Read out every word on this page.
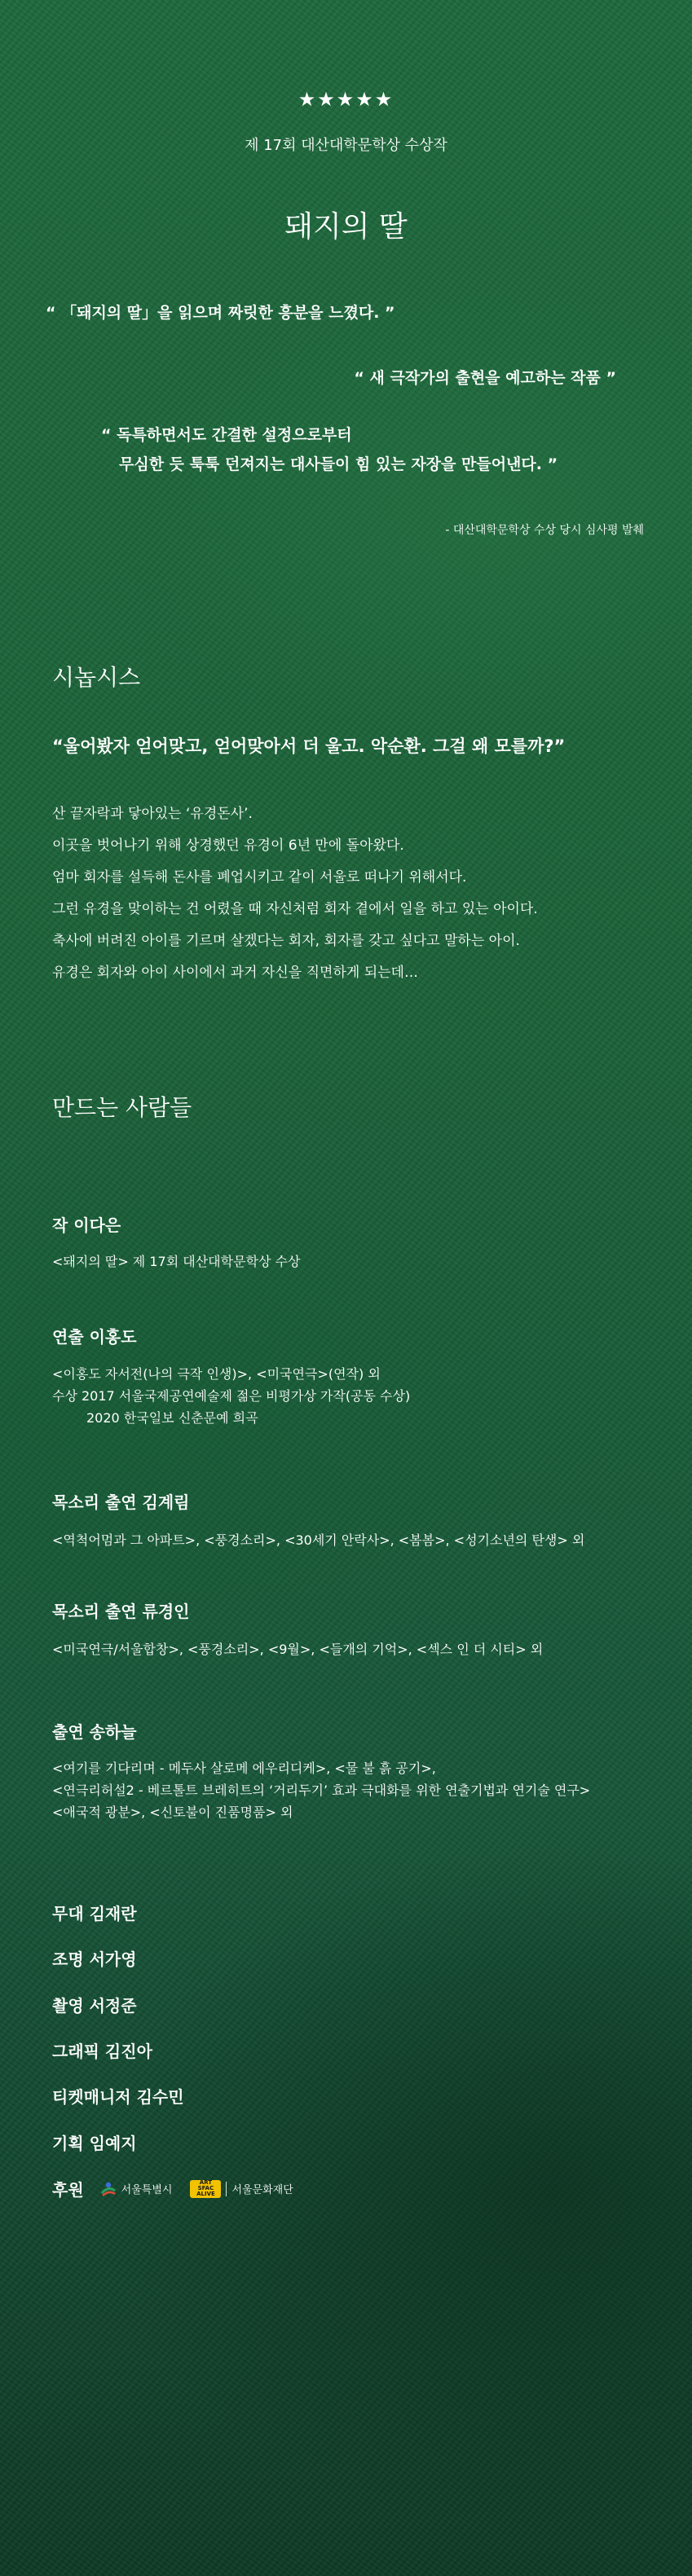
★★★★★
제 17회 대산대학문학상 수상작
돼지의 딸
“ 「돼지의 딸」을 읽으며 짜릿한 흥분을 느꼈다. ”
“ 새 극작가의 출현을 예고하는 작품 ”
“ 독특하면서도 간결한 설정으로부터
무심한 듯 툭툭 던져지는 대사들이 힘 있는 자장을 만들어낸다. ”
- 대산대학문학상 수상 당시 심사평 발췌
시놉시스
“울어봤자 얻어맞고, 얻어맞아서 더 울고. 악순환. 그걸 왜 모를까?”
산 끝자락과 닿아있는 ‘유경돈사’.
이곳을 벗어나기 위해 상경했던 유경이 6년 만에 돌아왔다.
엄마 회자를 설득해 돈사를 폐업시키고 같이 서울로 떠나기 위해서다.
그런 유경을 맞이하는 건 어렸을 때 자신처럼 회자 곁에서 일을 하고 있는 아이다.
축사에 버려진 아이를 기르며 살겠다는 회자, 회자를 갖고 싶다고 말하는 아이.
유경은 회자와 아이 사이에서 과거 자신을 직면하게 되는데…
만드는 사람들
작 이다은
<돼지의 딸> 제 17회 대산대학문학상 수상
연출 이홍도
<이홍도 자서전(나의 극작 인생)>, <미국연극>(연작) 외
수상 2017 서울국제공연예술제 젊은 비평가상 가작(공동 수상)
2020 한국일보 신춘문예 희곡
목소리 출연 김계림
<역척어멈과 그 아파트>, <풍경소리>, <30세기 안락사>, <봄봄>, <성기소년의 탄생> 외
목소리 출연 류경인
<미국연극/서울합창>, <풍경소리>, <9월>, <들개의 기억>, <섹스 인 더 시티> 외
출연 송하늘
<여기를 기다리며 - 메두사 살로메 에우리디케>, <물 불 흙 공기>,
<연극리허설2 - 베르톨트 브레히트의 ‘거리두기’ 효과 극대화를 위한 연출기법과 연기술 연구>
<애국적 광분>, <신토불이 진품명품> 외
무대 김재란
조명 서가영
촬영 서정준
그래픽 김진아
티켓매니저 김수민
기획 임예지
후원	서울특별시
ART
SFAC
ALIVE 서울문화재단
